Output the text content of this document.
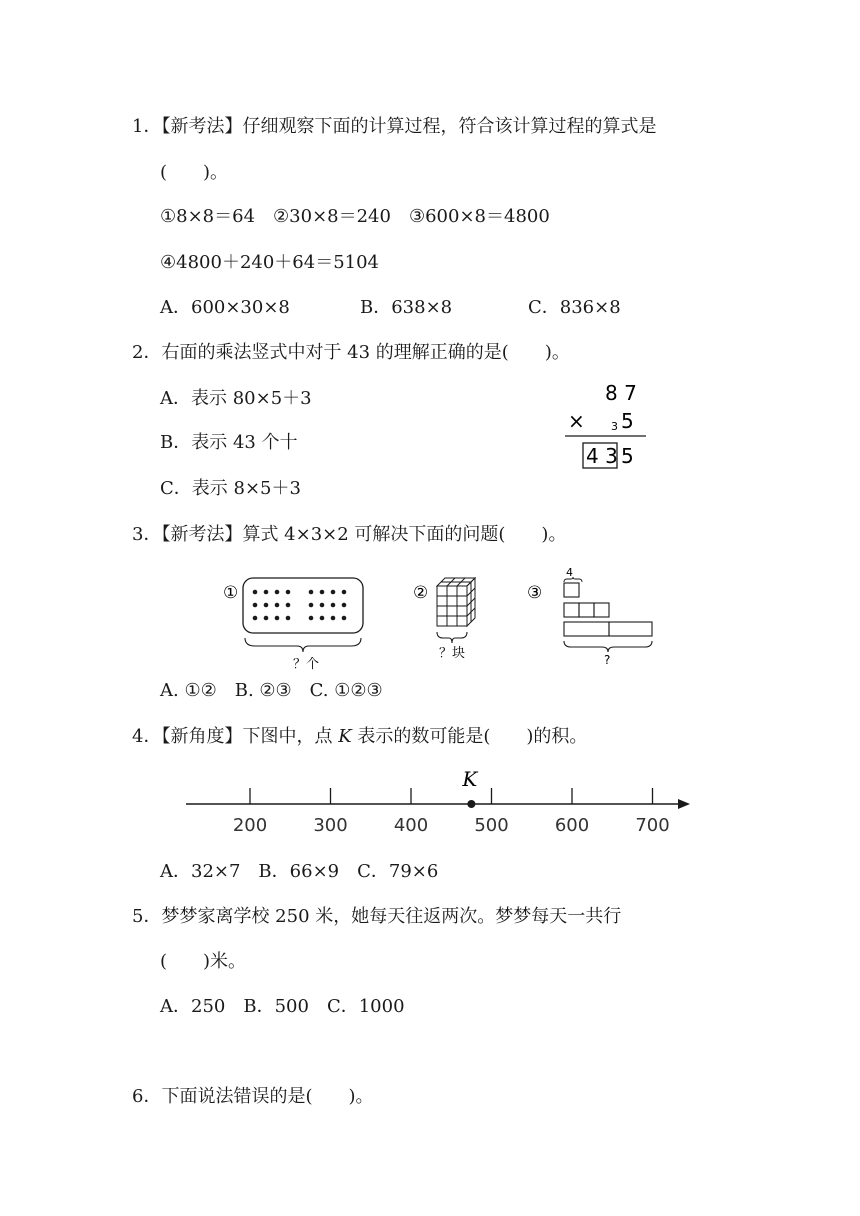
1．【新考法】仔细观察下面的计算过程，符合该计算过程的算式是
(　　)。
①8×8＝64　②30×8＝240　③600×8＝4800
④4800＋240＋64＝5104
A．600×30×8	B．638×8	C．836×8
2．右面的乘法竖式中对于 43 的理解正确的是(　　)。
A．表示 80×5＋3
B．表示 43 个十
C．表示 8×5＋3
8 7
× 3 5
4 3 5
3．【新考法】算式 4×3×2 可解决下面的问题(　　)。
①
？个
②
？块
③
4
?
A. ①②　B. ②③　C. ①②③
4．【新角度】下图中，点 K 表示的数可能是(　　)的积。
200	300	400	500	600	700
K
A．32×7　B．66×9　C．79×6
5．梦梦家离学校 250 米，她每天往返两次。梦梦每天一共行
(　　)米。
A．250　B．500　C．1000
6．下面说法错误的是(　　)。
